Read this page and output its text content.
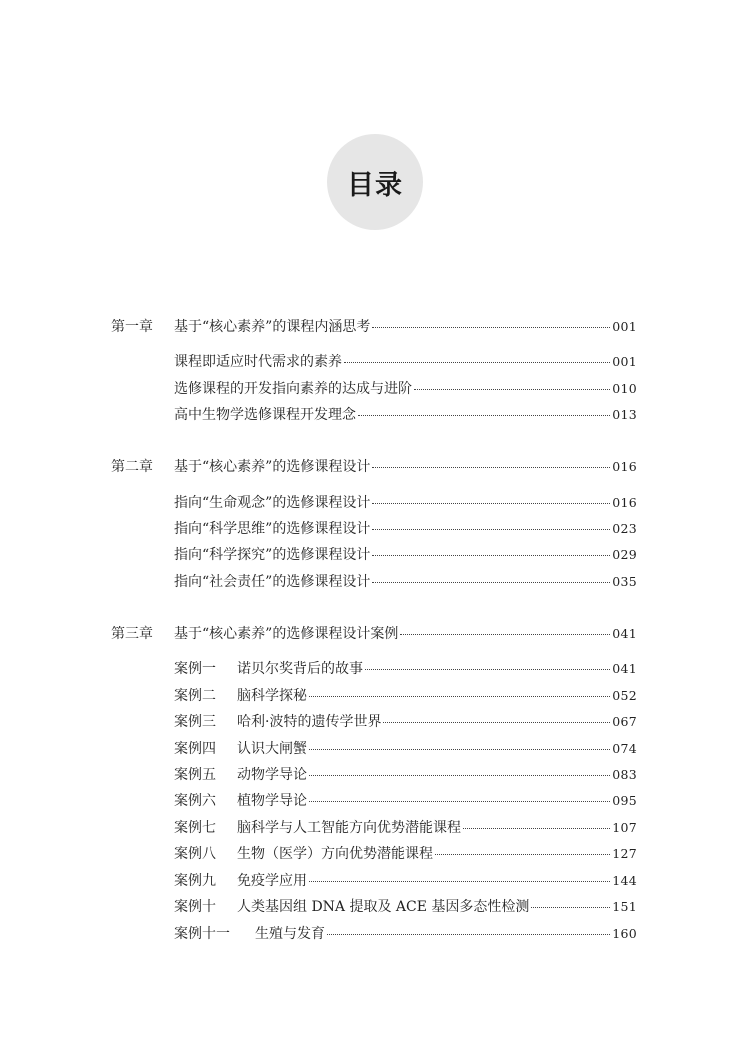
目录
第一章	基于“核心素养”的课程内涵思考	001
课程即适应时代需求的素养	001
选修课程的开发指向素养的达成与进阶	010
高中生物学选修课程开发理念	013
第二章	基于“核心素养”的选修课程设计	016
指向“生命观念”的选修课程设计	016
指向“科学思维”的选修课程设计	023
指向“科学探究”的选修课程设计	029
指向“社会责任”的选修课程设计	035
第三章	基于“核心素养”的选修课程设计案例	041
案例一	诺贝尔奖背后的故事	041
案例二	脑科学探秘	052
案例三	哈利·波特的遗传学世界	067
案例四	认识大闸蟹	074
案例五	动物学导论	083
案例六	植物学导论	095
案例七	脑科学与人工智能方向优势潜能课程	107
案例八	生物（医学）方向优势潜能课程	127
案例九	免疫学应用	144
案例十	人类基因组 DNA 提取及 ACE 基因多态性检测	151
案例十一	生殖与发育	160
